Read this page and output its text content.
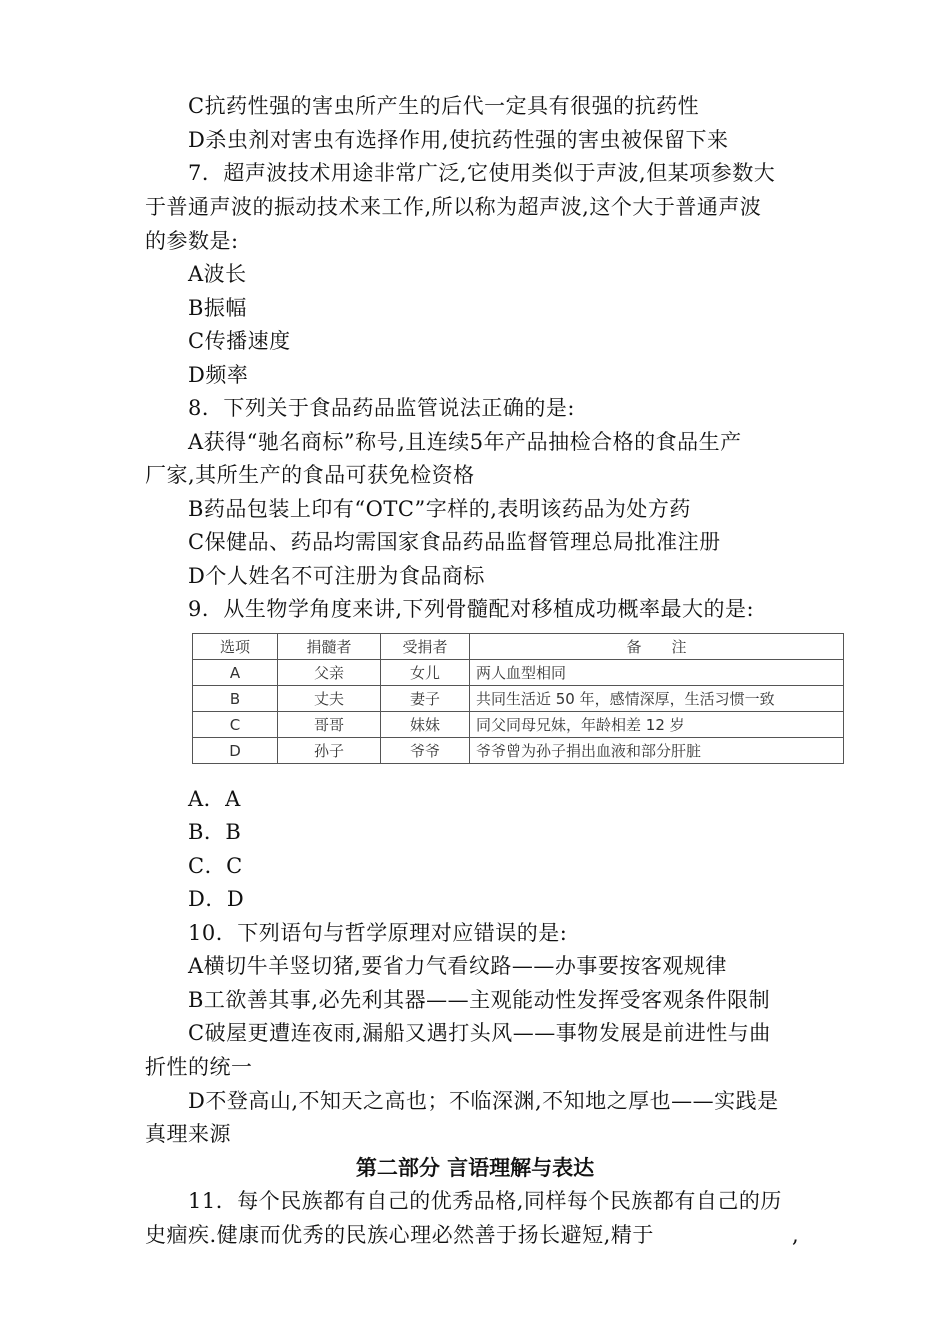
C抗药性强的害虫所产生的后代一定具有很强的抗药性
D杀虫剂对害虫有选择作用,使抗药性强的害虫被保留下来
7．超声波技术用途非常广泛,它使用类似于声波,但某项参数大
于普通声波的振动技术来工作,所以称为超声波,这个大于普通声波
的参数是:
A波长
B振幅
C传播速度
D频率
8．下列关于食品药品监管说法正确的是:
A获得“驰名商标”称号,且连续5年产品抽检合格的食品生产
厂家,其所生产的食品可获免检资格
B药品包装上印有“OTC”字样的,表明该药品为处方药
C保健品、药品均需国家食品药品监督管理总局批准注册
D个人姓名不可注册为食品商标
9．从生物学角度来讲,下列骨髓配对移植成功概率最大的是:
选项	捐髓者	受捐者	备　　注
A	父亲	女儿	两人血型相同
B	丈夫	妻子	共同生活近 50 年，感情深厚，生活习惯一致
C	哥哥	妹妹	同父同母兄妹，年龄相差 12 岁
D	孙子	爷爷	爷爷曾为孙子捐出血液和部分肝脏
A．A
B．B
C．C
D．D
10．下列语句与哲学原理对应错误的是:
A横切牛羊竖切猪,要省力气看纹路——办事要按客观规律
B工欲善其事,必先利其器——主观能动性发挥受客观条件限制
C破屋更遭连夜雨,漏船又遇打头风——事物发展是前进性与曲
折性的统一
D不登高山,不知天之高也；不临深渊,不知地之厚也——实践是
真理来源
第二部分 言语理解与表达
11．每个民族都有自己的优秀品格,同样每个民族都有自己的历
史痼疾.健康而优秀的民族心理必然善于扬长避短,精于	,
